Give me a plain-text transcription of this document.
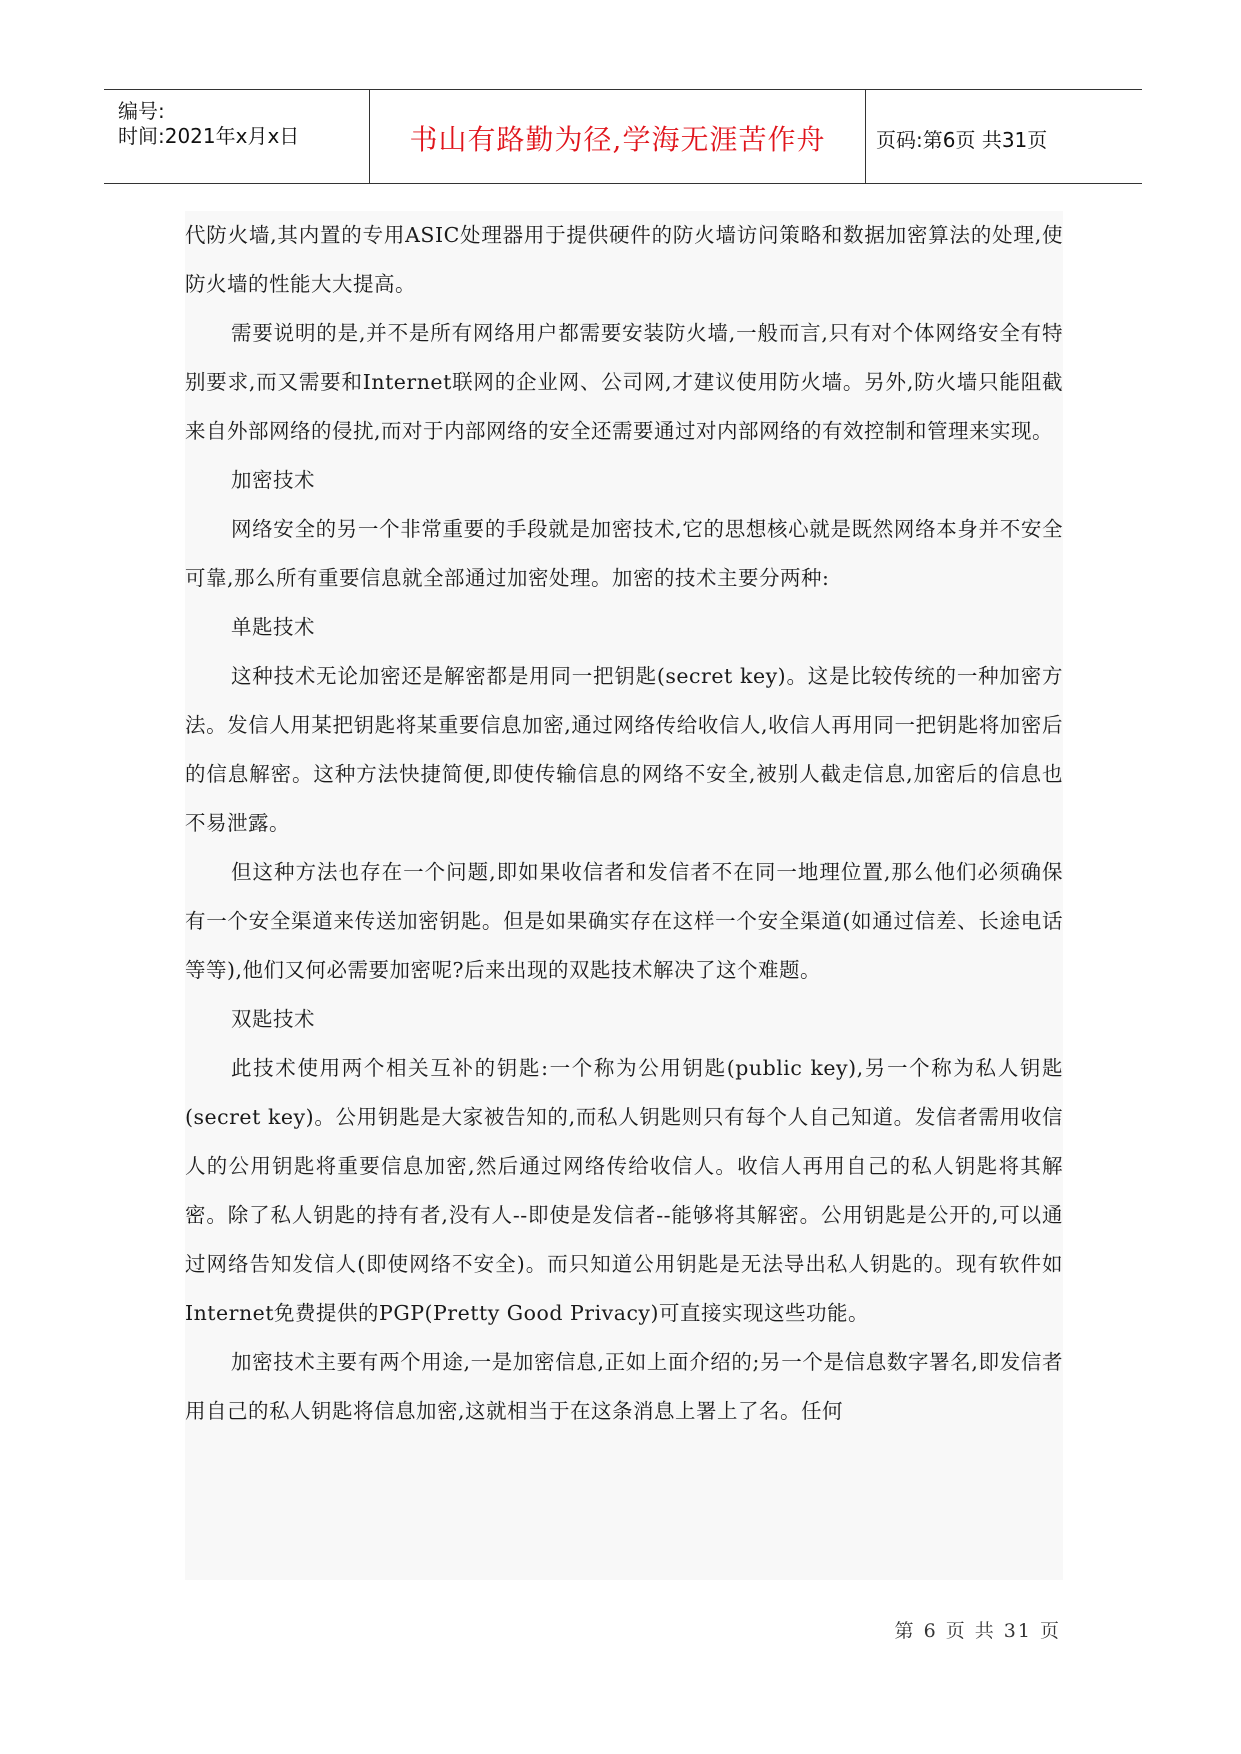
编号:
时间:2021年x月x日	书山有路勤为径,学海无涯苦作舟	页码:第6页 共31页

代防火墙,其内置的专用ASIC处理器用于提供硬件的防火墙访问策略和数据加密算法的处理,使防火墙的性能大大提高。

需要说明的是,并不是所有网络用户都需要安装防火墙,一般而言,只有对个体网络安全有特别要求,而又需要和Internet联网的企业网、公司网,才建议使用防火墙。另外,防火墙只能阻截来自外部网络的侵扰,而对于内部网络的安全还需要通过对内部网络的有效控制和管理来实现。

加密技术

网络安全的另一个非常重要的手段就是加密技术,它的思想核心就是既然网络本身并不安全可靠,那么所有重要信息就全部通过加密处理。加密的技术主要分两种:

单匙技术

这种技术无论加密还是解密都是用同一把钥匙(secret key)。这是比较传统的一种加密方法。发信人用某把钥匙将某重要信息加密,通过网络传给收信人,收信人再用同一把钥匙将加密后的信息解密。这种方法快捷简便,即使传输信息的网络不安全,被别人截走信息,加密后的信息也不易泄露。

但这种方法也存在一个问题,即如果收信者和发信者不在同一地理位置,那么他们必须确保有一个安全渠道来传送加密钥匙。但是如果确实存在这样一个安全渠道(如通过信差、长途电话等等),他们又何必需要加密呢?后来出现的双匙技术解决了这个难题。

双匙技术

此技术使用两个相关互补的钥匙:一个称为公用钥匙(public key),另一个称为私人钥匙(secret key)。公用钥匙是大家被告知的,而私人钥匙则只有每个人自己知道。发信者需用收信人的公用钥匙将重要信息加密,然后通过网络传给收信人。收信人再用自己的私人钥匙将其解密。除了私人钥匙的持有者,没有人--即使是发信者--能够将其解密。公用钥匙是公开的,可以通过网络告知发信人(即使网络不安全)。而只知道公用钥匙是无法导出私人钥匙的。现有软件如Internet免费提供的PGP(Pretty Good Privacy)可直接实现这些功能。

加密技术主要有两个用途,一是加密信息,正如上面介绍的;另一个是信息数字署名,即发信者用自己的私人钥匙将信息加密,这就相当于在这条消息上署上了名。任何

第 6 页 共 31 页
